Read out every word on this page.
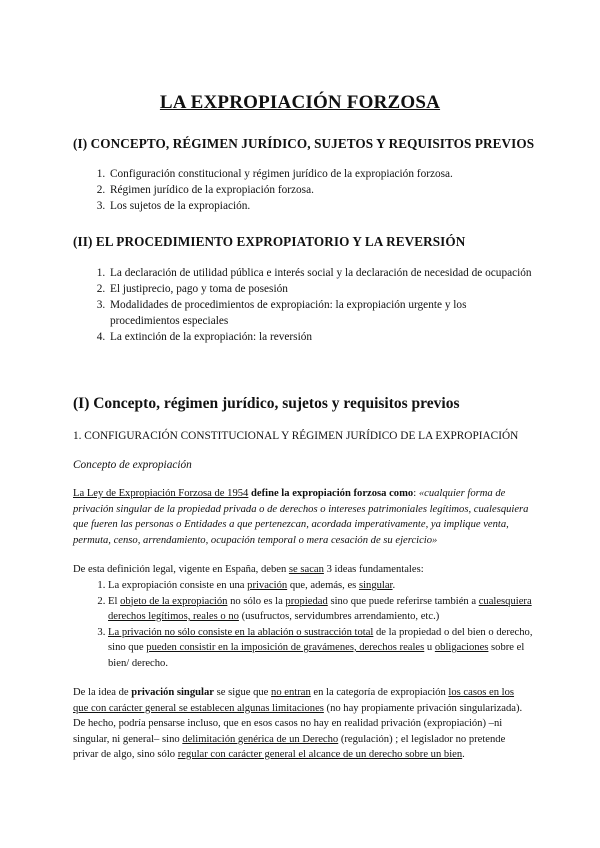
LA EXPROPIACIÓN FORZOSA
(I) CONCEPTO, RÉGIMEN JURÍDICO, SUJETOS Y REQUISITOS PREVIOS
1. Configuración constitucional y régimen jurídico de la expropiación forzosa.
2. Régimen jurídico de la expropiación forzosa.
3. Los sujetos de la expropiación.
(II) EL PROCEDIMIENTO EXPROPIATORIO Y LA REVERSIÓN
1. La declaración de utilidad pública e interés social y la declaración de necesidad de ocupación
2. El justiprecio, pago y toma de posesión
3. Modalidades de procedimientos de expropiación: la expropiación urgente y los procedimientos especiales
4. La extinción de la expropiación: la reversión
(I) Concepto, régimen jurídico, sujetos y requisitos previos
1. CONFIGURACIÓN CONSTITUCIONAL Y RÉGIMEN JURÍDICO DE LA EXPROPIACIÓN
Concepto de expropiación
La Ley de Expropiación Forzosa de 1954 define la expropiación forzosa como: «cualquier forma de privación singular de la propiedad privada o de derechos o intereses patrimoniales legítimos, cualesquiera que fueren las personas o Entidades a que pertenezcan, acordada imperativamente, ya implique venta, permuta, censo, arrendamiento, ocupación temporal o mera cesación de su ejercicio»
De esta definición legal, vigente en España, deben se sacan 3 ideas fundamentales:
1. La expropiación consiste en una privación que, además, es singular.
2. El objeto de la expropiación no sólo es la propiedad sino que puede referirse también a cualesquiera derechos legítimos, reales o no (usufructos, servidumbres arrendamiento, etc.)
3. La privación no sólo consiste en la ablación o sustracción total de la propiedad o del bien o derecho, sino que pueden consistir en la imposición de gravámenes, derechos reales u obligaciones sobre el bien/ derecho.
De la idea de privación singular se sigue que no entran en la categoría de expropiación los casos en los que con carácter general se establecen algunas limitaciones (no hay propiamente privación singularizada). De hecho, podría pensarse incluso, que en esos casos no hay en realidad privación (expropiación) –ni singular, ni general– sino delimitación genérica de un Derecho (regulación) ; el legislador no pretende privar de algo, sino sólo regular con carácter general el alcance de un derecho sobre un bien.
